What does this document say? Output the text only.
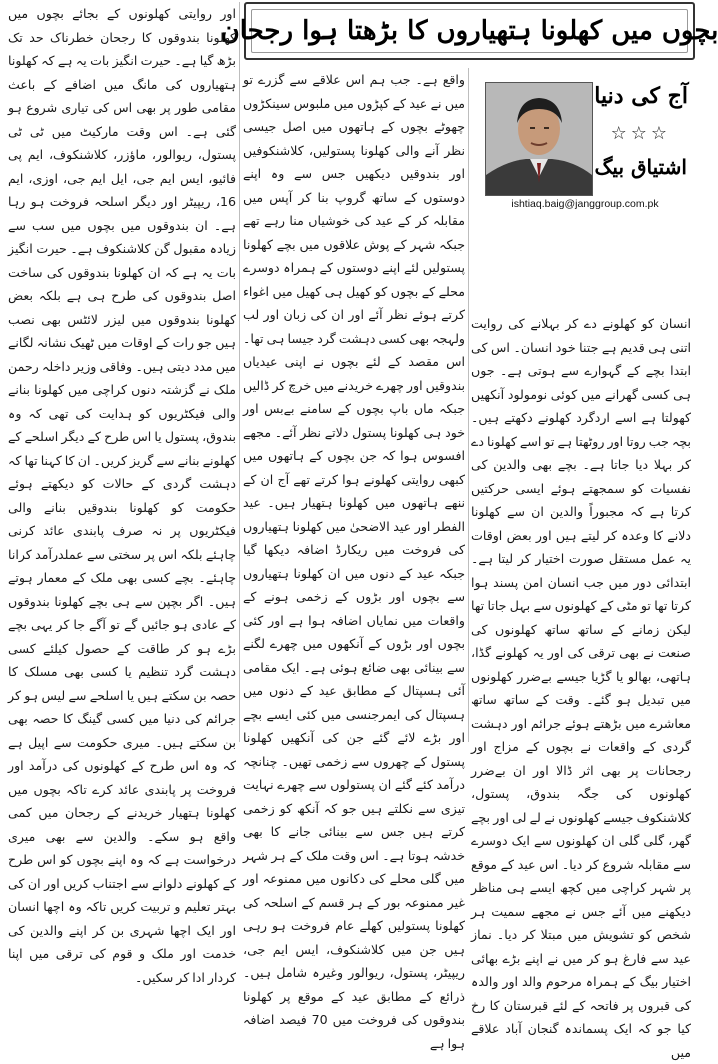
بچوں میں کھلونا ہتھیاروں کا بڑھتا ہوا رجحان
آج کی دنیا
☆☆☆
اشتیاق بیگ
ishtiaq.baig@janggroup.com.pk

انسان کو کھلونے دے کر بہلانے کی روایت اتنی ہی قدیم ہے جتنا خود انسان۔ اس کی ابتدا بچے کے گہوارے سے ہوتی ہے۔ جوں ہی کسی گھرانے میں کوئی نومولود آنکھیں کھولتا ہے اسے اردگرد کھلونے دکھتے ہیں۔ بچہ جب روتا اور روٹھتا ہے تو اسے کھلونا دے کر بہلا دیا جاتا ہے۔ بچے بھی والدین کی نفسیات کو سمجھتے ہوئے ایسی حرکتیں کرتا ہے کہ مجبوراً والدین ان سے کھلونا دلانے کا وعدہ کر لیتے ہیں اور بعض اوقات یہ عمل مستقل صورت اختیار کر لیتا ہے۔ ابتدائی دور میں جب انسان امن پسند ہوا کرتا تھا تو مٹی کے کھلونوں سے بہل جاتا تھا لیکن زمانے کے ساتھ ساتھ کھلونوں کی صنعت نے بھی ترقی کی اور یہ کھلونے گڈا، ہاتھی، بھالو یا گڑیا جیسے بےضرر کھلونوں میں تبدیل ہو گئے۔ وقت کے ساتھ ساتھ معاشرے میں بڑھتے ہوئے جرائم اور دہشت گردی کے واقعات نے بچوں کے مزاج اور رجحانات پر بھی اثر ڈالا اور ان بےضرر کھلونوں کی جگہ بندوق، پستول، کلاشنکوف جیسے کھلونوں نے لے لی اور بچے گھر، گلی گلی ان کھلونوں سے ایک دوسرے سے مقابلہ شروع کر دیا۔ اس عید کے موقع پر شہر کراچی میں کچھ ایسے ہی مناظر دیکھنے میں آئے جس نے مجھے سمیت ہر شخص کو تشویش میں مبتلا کر دیا۔ نماز عید سے فارغ ہو کر میں نے اپنے بڑے بھائی اختیار بیگ کے ہمراہ مرحوم والد اور والدہ کی قبروں پر فاتحہ کے لئے قبرستان کا رخ کیا جو کہ ایک پسماندہ گنجان آباد علاقے میں

واقع ہے۔ جب ہم اس علاقے سے گزرے تو میں نے عید کے کپڑوں میں ملبوس سینکڑوں چھوٹے بچوں کے ہاتھوں میں اصل جیسی نظر آنے والی کھلونا پستولیں، کلاشنکوفیں اور بندوقیں دیکھیں جس سے وہ اپنے دوستوں کے ساتھ گروپ بنا کر آپس میں مقابلہ کر کے عید کی خوشیاں منا رہے تھے جبکہ شہر کے پوش علاقوں میں بچے کھلونا پستولیں لئے اپنے دوستوں کے ہمراہ دوسرے محلے کے بچوں کو کھیل ہی کھیل میں اغواء کرتے ہوئے نظر آئے اور ان کی زبان اور لب ولہجہ بھی کسی دہشت گرد جیسا ہی تھا۔ اس مقصد کے لئے بچوں نے اپنی عیدیاں بندوقیں اور چھرے خریدنے میں خرچ کر ڈالیں جبکہ ماں باپ بچوں کے سامنے بےبس اور خود ہی کھلونا پستول دلاتے نظر آئے۔ مجھے افسوس ہوا کہ جن بچوں کے ہاتھوں میں کبھی روایتی کھلونے ہوا کرتے تھے آج ان کے ننھے ہاتھوں میں کھلونا ہتھیار ہیں۔ عید الفطر اور عید الاضحیٰ میں کھلونا ہتھیاروں کی فروخت میں ریکارڈ اضافہ دیکھا گیا جبکہ عید کے دنوں میں ان کھلونا ہتھیاروں سے بچوں اور بڑوں کے زخمی ہونے کے واقعات میں نمایاں اضافہ ہوا ہے اور کئی بچوں اور بڑوں کے آنکھوں میں چھرے لگنے سے بینائی بھی ضائع ہوئی ہے۔ ایک مقامی آئی ہسپتال کے مطابق عید کے دنوں میں ہسپتال کی ایمرجنسی میں کئی ایسے بچے اور بڑے لائے گئے جن کی آنکھیں کھلونا پستول کے چھروں سے زخمی تھیں۔ چنانچہ درآمد کئے گئے ان پستولوں سے چھرے نہایت تیزی سے نکلتے ہیں جو کہ آنکھ کو زخمی کرتے ہیں جس سے بینائی جانے کا بھی خدشہ ہوتا ہے۔ اس وقت ملک کے ہر شہر میں گلی محلے کی دکانوں میں ممنوعہ اور غیر ممنوعہ بور کے ہر قسم کے اسلحہ کی کھلونا پستولیں کھلے عام فروخت ہو رہی ہیں جن میں کلاشنکوف، ایس ایم جی، ریپیٹر، پستول، ریوالور وغیرہ شامل ہیں۔ ذرائع کے مطابق عید کے موقع پر کھلونا بندوقوں کی فروخت میں 70 فیصد اضافہ ہوا ہے

اور روایتی کھلونوں کے بجائے بچوں میں کھلونا بندوقوں کا رجحان خطرناک حد تک بڑھ گیا ہے۔ حیرت انگیز بات یہ ہے کہ کھلونا ہتھیاروں کی مانگ میں اضافے کے باعث مقامی طور پر بھی اس کی تیاری شروع ہو گئی ہے۔ اس وقت مارکیٹ میں ٹی ٹی پستول، ریوالور، ماؤزر، کلاشنکوف، ایم پی فائیو، ایس ایم جی، ایل ایم جی، اوزی، ایم 16، ریپیٹر اور دیگر اسلحہ فروخت ہو رہا ہے۔ ان بندوقوں میں بچوں میں سب سے زیادہ مقبول گن کلاشنکوف ہے۔ حیرت انگیز بات یہ ہے کہ ان کھلونا بندوقوں کی ساخت اصل بندوقوں کی طرح ہی ہے بلکہ بعض کھلونا بندوقوں میں لیزر لائٹس بھی نصب ہیں جو رات کے اوقات میں ٹھیک نشانہ لگانے میں مدد دیتی ہیں۔ وفاقی وزیر داخلہ رحمن ملک نے گزشتہ دنوں کراچی میں کھلونا بنانے والی فیکٹریوں کو ہدایت کی تھی کہ وہ بندوق، پستول یا اس طرح کے دیگر اسلحے کے کھلونے بنانے سے گریز کریں۔ ان کا کہنا تھا کہ دہشت گردی کے حالات کو دیکھتے ہوئے حکومت کو کھلونا بندوقیں بنانے والی فیکٹریوں پر نہ صرف پابندی عائد کرنی چاہئے بلکہ اس پر سختی سے عملدرآمد کرانا چاہئے۔ بچے کسی بھی ملک کے معمار ہوتے ہیں۔ اگر بچپن سے ہی بچے کھلونا بندوقوں کے عادی ہو جائیں گے تو آگے جا کر یہی بچے بڑے ہو کر طاقت کے حصول کیلئے کسی دہشت گرد تنظیم یا کسی بھی مسلک کا حصہ بن سکتے ہیں یا اسلحے سے لیس ہو کر جرائم کی دنیا میں کسی گینگ کا حصہ بھی بن سکتے ہیں۔ میری حکومت سے اپیل ہے کہ وہ اس طرح کے کھلونوں کی درآمد اور فروخت پر پابندی عائد کرے تاکہ بچوں میں کھلونا ہتھیار خریدنے کے رجحان میں کمی واقع ہو سکے۔ والدین سے بھی میری درخواست ہے کہ وہ اپنے بچوں کو اس طرح کے کھلونے دلوانے سے اجتناب کریں اور ان کی بہتر تعلیم و تربیت کریں تاکہ وہ اچھا انسان اور ایک اچھا شہری بن کر اپنے والدین کی خدمت اور ملک و قوم کی ترقی میں اپنا کردار ادا کر سکیں۔
